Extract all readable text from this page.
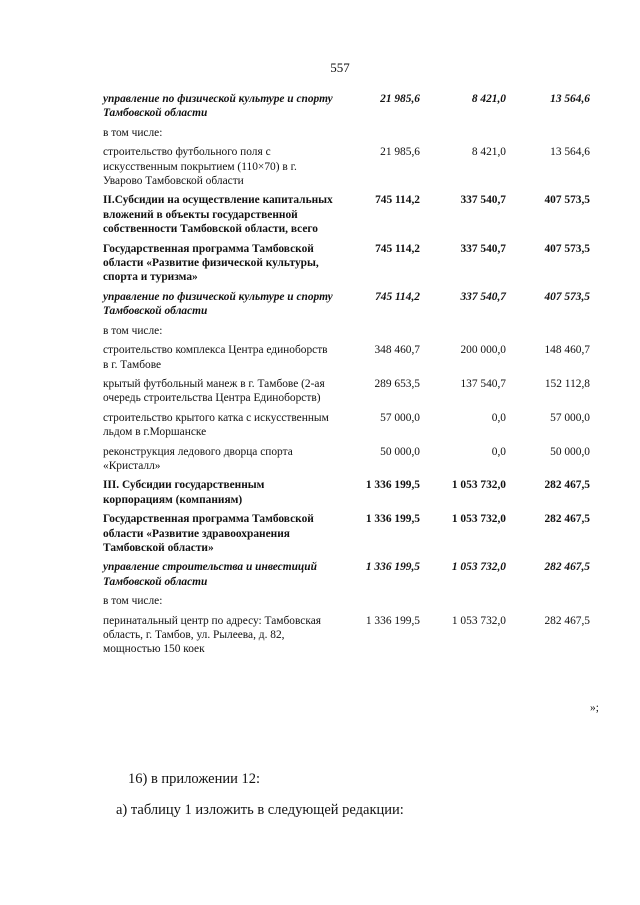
557
управление по физической культуре и спорту Тамбовской области	21 985,6	8 421,0	13 564,6
в том числе:			
строительство футбольного поля с искусственным покрытием (110×70) в г. Уварово Тамбовской области	21 985,6	8 421,0	13 564,6
II.Субсидии на осуществление капитальных вложений в объекты государственной собственности Тамбовской области, всего	745 114,2	337 540,7	407 573,5
Государственная программа Тамбовской области «Развитие физической культуры, спорта и туризма»	745 114,2	337 540,7	407 573,5
управление по физической культуре и спорту Тамбовской области	745 114,2	337 540,7	407 573,5
в том числе:			
строительство комплекса Центра единоборств в г. Тамбове	348 460,7	200 000,0	148 460,7
крытый футбольный манеж в г. Тамбове (2-ая очередь строительства Центра Единоборств)	289 653,5	137 540,7	152 112,8
строительство крытого катка с искусственным льдом в г.Моршанске	57 000,0	0,0	57 000,0
реконструкция ледового дворца спорта «Кристалл»	50 000,0	0,0	50 000,0
III. Субсидии государственным корпорациям (компаниям)	1 336 199,5	1 053 732,0	282 467,5
Государственная программа Тамбовской области «Развитие здравоохранения Тамбовской области»	1 336 199,5	1 053 732,0	282 467,5
управление строительства и инвестиций Тамбовской области	1 336 199,5	1 053 732,0	282 467,5
в том числе:			
перинатальный центр по адресу: Тамбовская область, г. Тамбов, ул. Рылеева, д. 82, мощностью 150 коек	1 336 199,5	1 053 732,0	282 467,5
»;
16) в приложении 12:
а) таблицу 1 изложить в следующей редакции:
